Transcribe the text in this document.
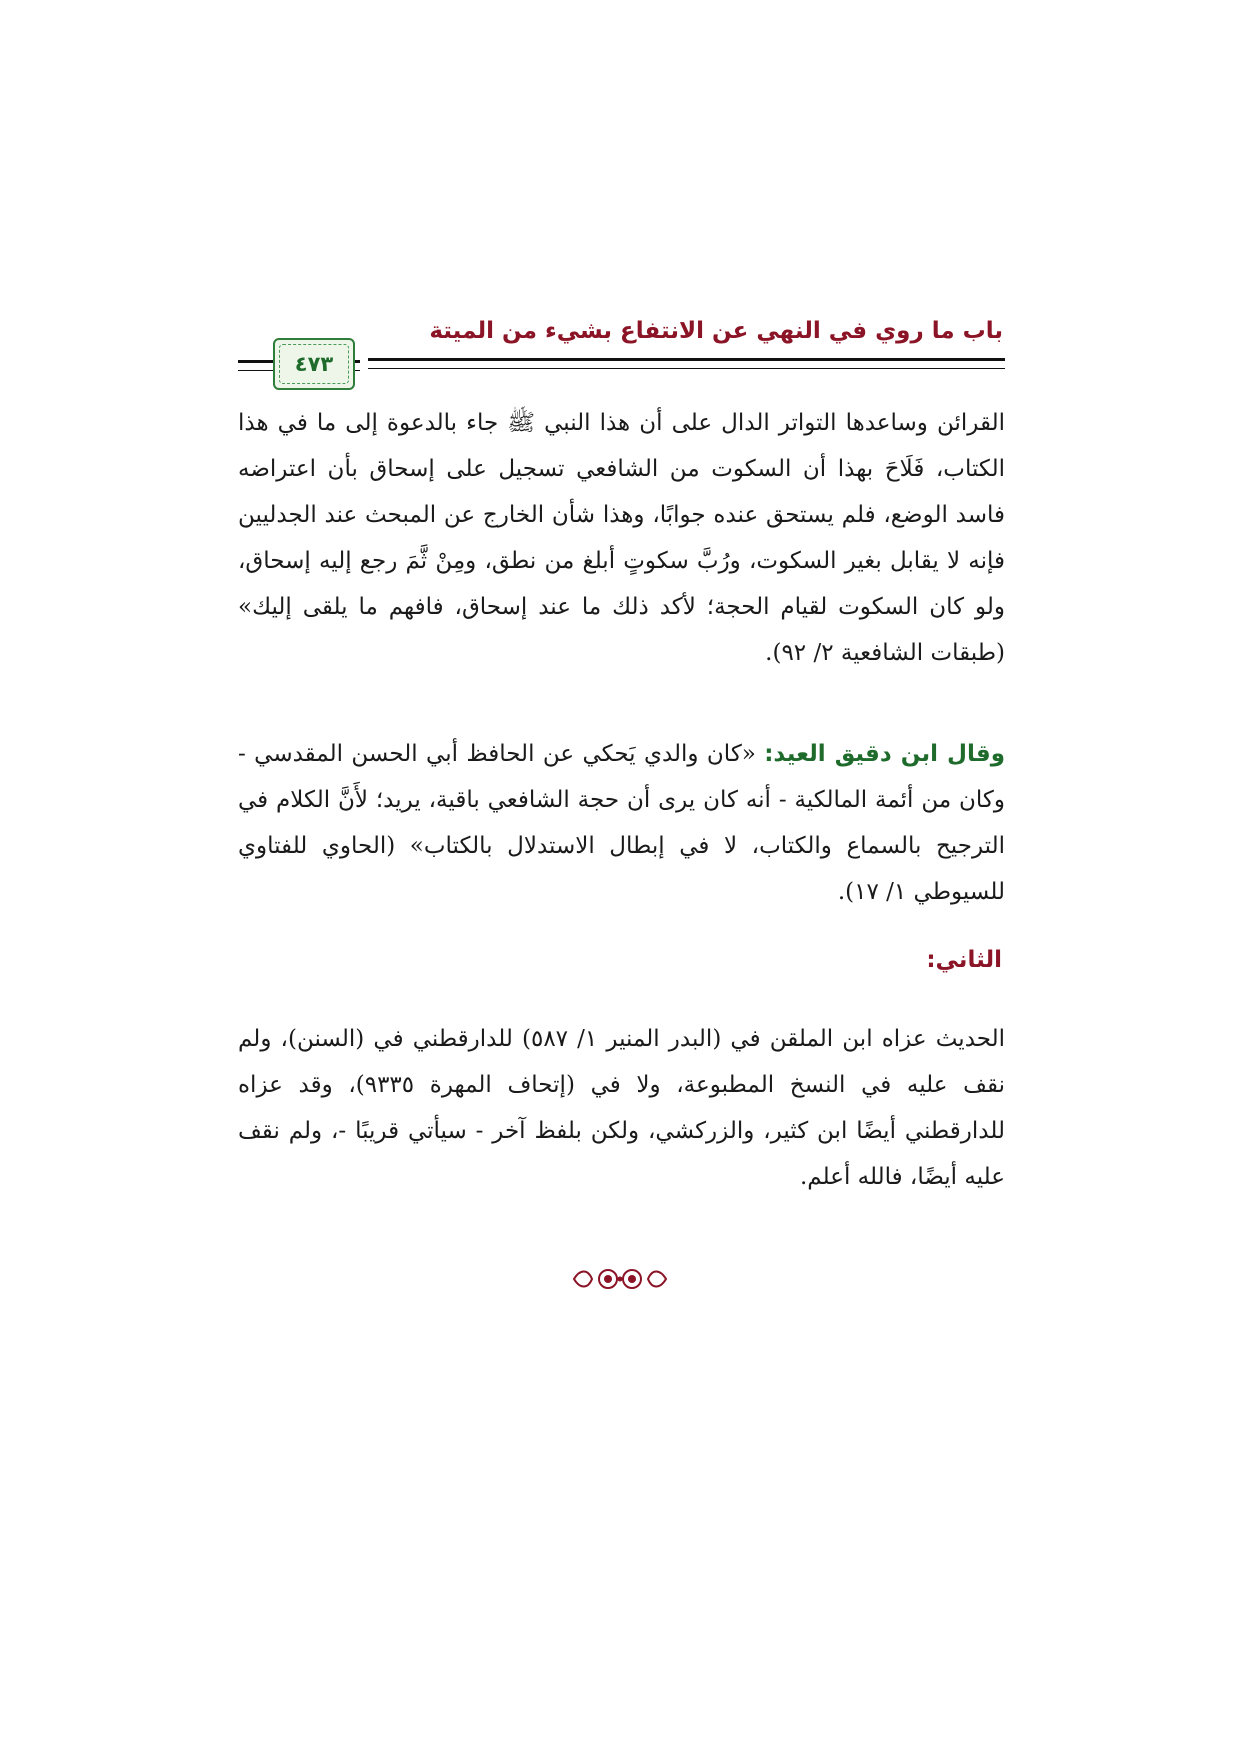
باب ما روي في النهي عن الانتفاع بشيء من الميتة
٤٧٣

القرائن وساعدها التواتر الدال على أن هذا النبي ﷺ جاء بالدعوة إلى ما في هذا الكتاب، فَلَاحَ بهذا أن السكوت من الشافعي تسجيل على إسحاق بأن اعتراضه فاسد الوضع، فلم يستحق عنده جوابًا، وهذا شأن الخارج عن المبحث عند الجدليين فإنه لا يقابل بغير السكوت، ورُبَّ سكوتٍ أبلغ من نطق، ومِنْ ثَّمَ رجع إليه إسحاق، ولو كان السكوت لقيام الحجة؛ لأكد ذلك ما عند إسحاق، فافهم ما يلقى إليك» (طبقات الشافعية ٢/ ٩٢).

وقال ابن دقيق العيد: «كان والدي يَحكي عن الحافظ أبي الحسن المقدسي - وكان من أئمة المالكية - أنه كان يرى أن حجة الشافعي باقية، يريد؛ لأَنَّ الكلام في الترجيح بالسماع والكتاب، لا في إبطال الاستدلال بالكتاب» (الحاوي للفتاوي للسيوطي ١/ ١٧).

الثاني:

الحديث عزاه ابن الملقن في (البدر المنير ١/ ٥٨٧) للدارقطني في (السنن)، ولم نقف عليه في النسخ المطبوعة، ولا في (إتحاف المهرة ٩٣٣٥)، وقد عزاه للدارقطني أيضًا ابن كثير، والزركشي، ولكن بلفظ آخر - سيأتي قريبًا -، ولم نقف عليه أيضًا، فالله أعلم.
